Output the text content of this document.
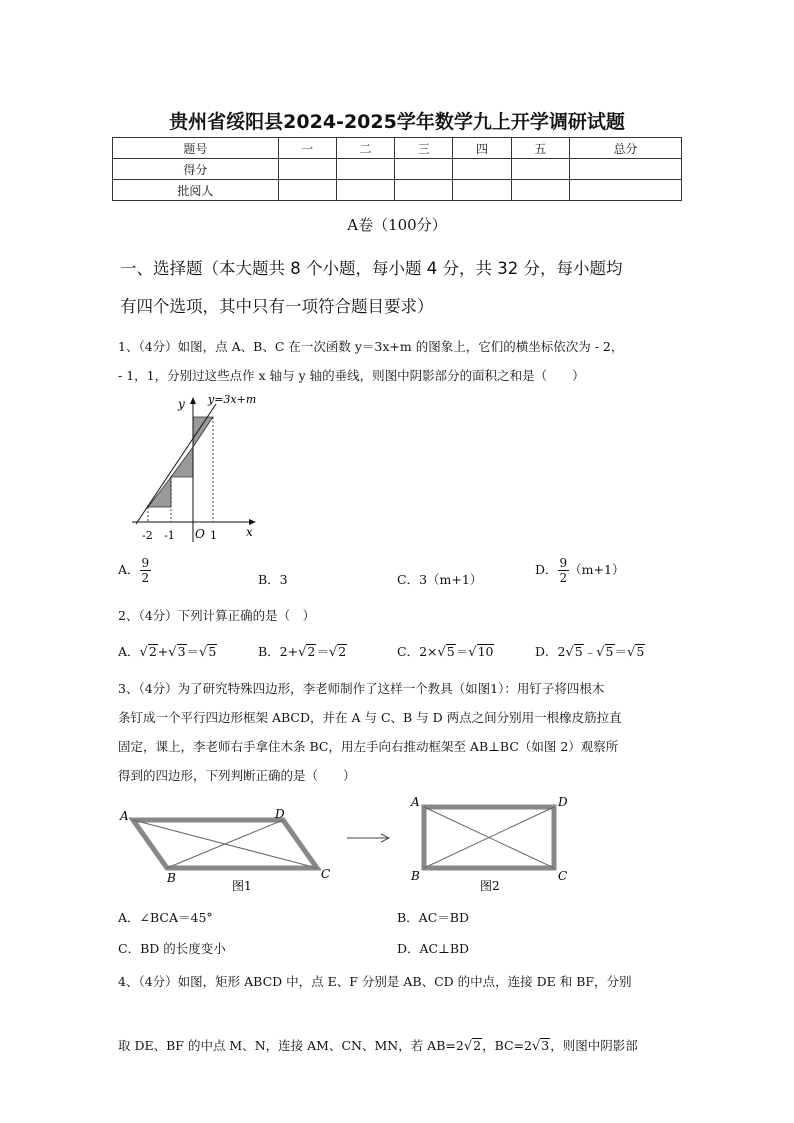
贵州省绥阳县2024-2025学年数学九上开学调研试题
题号	一	二	三	四	五	总分
得分						
批阅人						
A卷（100分）
一、选择题（本大题共 8 个小题，每小题 4 分，共 32 分，每小题均
有四个选项，其中只有一项符合题目要求）
1、（4分）如图，点 A、B、C 在一次函数 y＝3x+m 的图象上，它们的横坐标依次为 - 2，
- 1，1，分别过这些点作 x 轴与 y 轴的垂线，则图中阴影部分的面积之和是（　　）
y=3x+m
y
x
O
-2 -1	1
A． $\frac{9}{2}$	B．3	C．3（m+1）
D． $\frac{9}{2} (m+1)$
2、（4分）下列计算正确的是（　）
A．√2+√3＝√5	B．2+√2＝√2	C．2×√5＝√10	D．2√5﹣√5＝√5
3、（4分）为了研究特殊四边形，李老师制作了这样一个教具（如图1）：用钉子将四根木
条钉成一个平行四边形框架 ABCD，并在 A 与 C、B 与 D 两点之间分别用一根橡皮筋拉直
固定，课上，李老师右手拿住木条 BC，用左手向右推动框架至 AB⊥BC（如图 2）观察所
得到的四边形，下列判断正确的是（　　）
A	D
B	C
图1
A	D
B	C
图2
A．∠BCA＝45°	B．AC＝BD
C．BD 的长度变小	D．AC⊥BD
4、（4分）如图，矩形 ABCD 中，点 E、F 分别是 AB、CD 的中点，连接 DE 和 BF，分别
取 DE、BF 的中点 M、N，连接 AM、CN、MN，若 AB=2√2，BC=2√3，则图中阴影部
